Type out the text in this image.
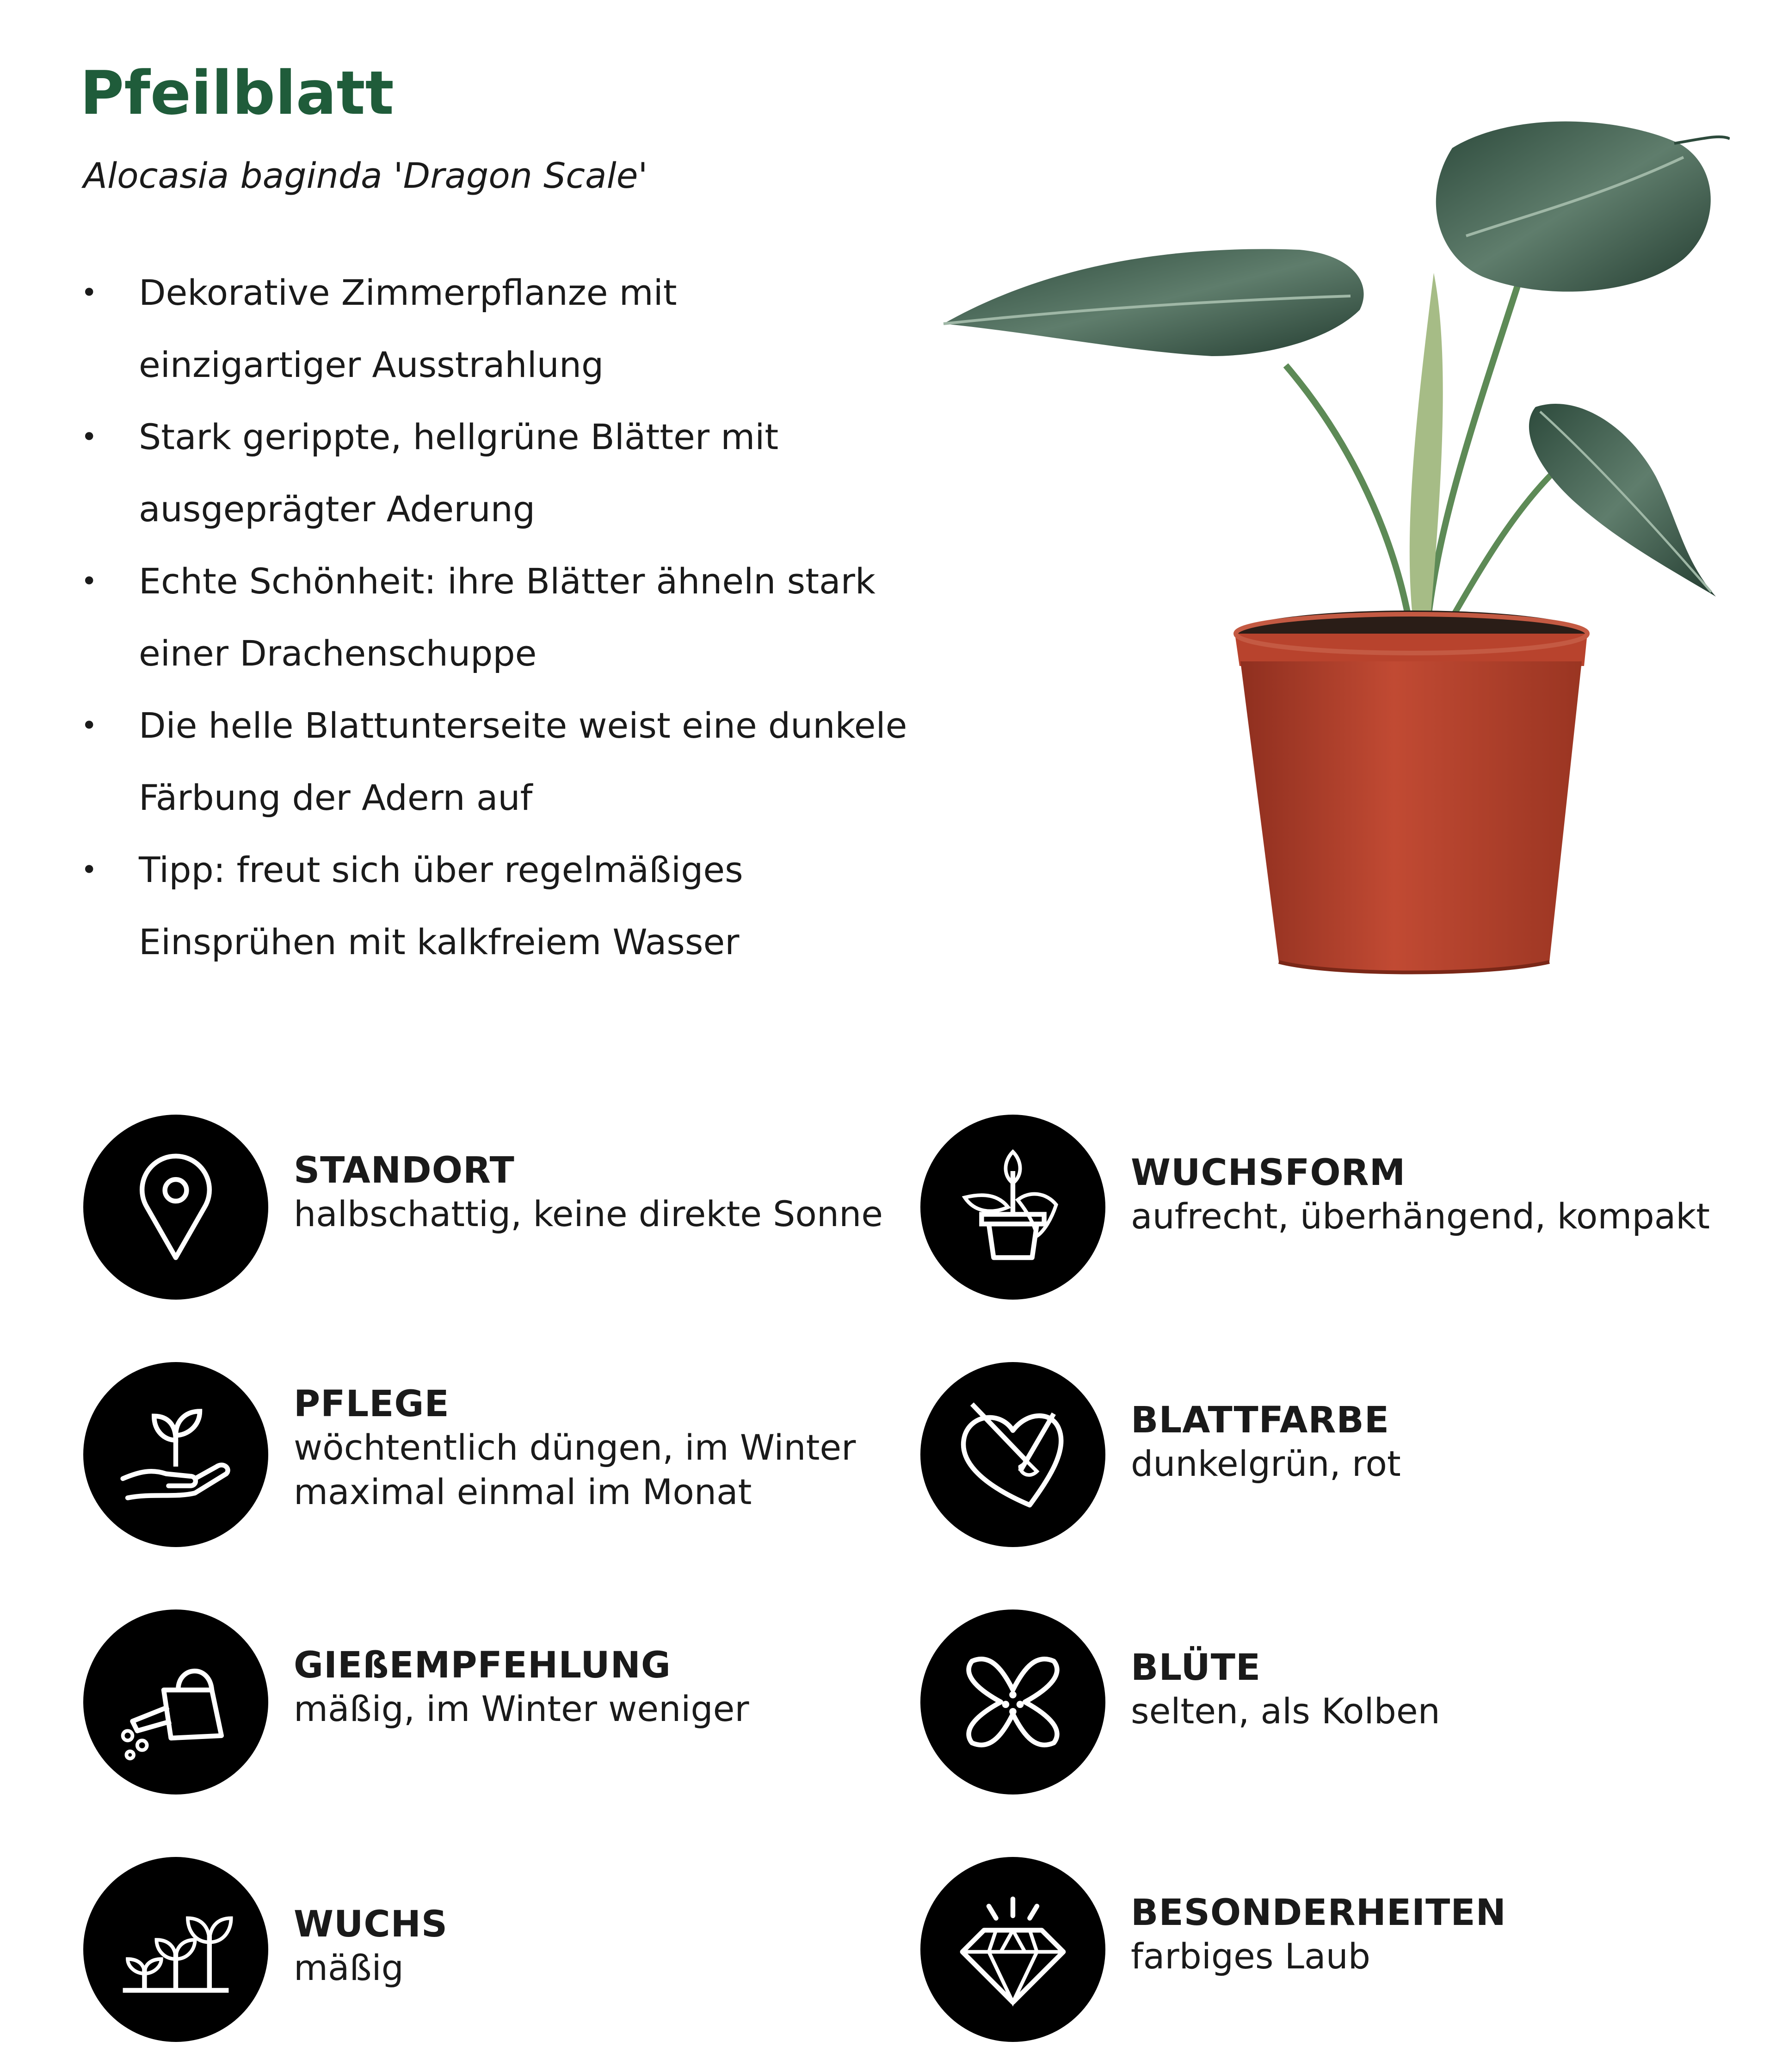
Pfeilblatt

Alocasia baginda 'Dragon Scale'

• Dekorative Zimmerpflanze mit
einzigartiger Ausstrahlung
• Stark gerippte, hellgrüne Blätter mit
ausgeprägter Aderung
• Echte Schönheit: ihre Blätter ähneln stark
einer Drachenschuppe
• Die helle Blattunterseite weist eine dunkele
Färbung der Adern auf
• Tipp: freut sich über regelmäßiges
Einsprühen mit kalkfreiem Wasser
STANDORT
halbschattig, keine direkte Sonne
PFLEGE
wöchtentlich düngen, im Winter
maximal einmal im Monat
GIEßEMPFEHLUNG
mäßig, im Winter weniger
WUCHS
mäßig
WUCHSFORM
aufrecht, überhängend, kompakt
BLATTFARBE
dunkelgrün, rot
BLÜTE
selten, als Kolben
BESONDERHEITEN
farbiges Laub
